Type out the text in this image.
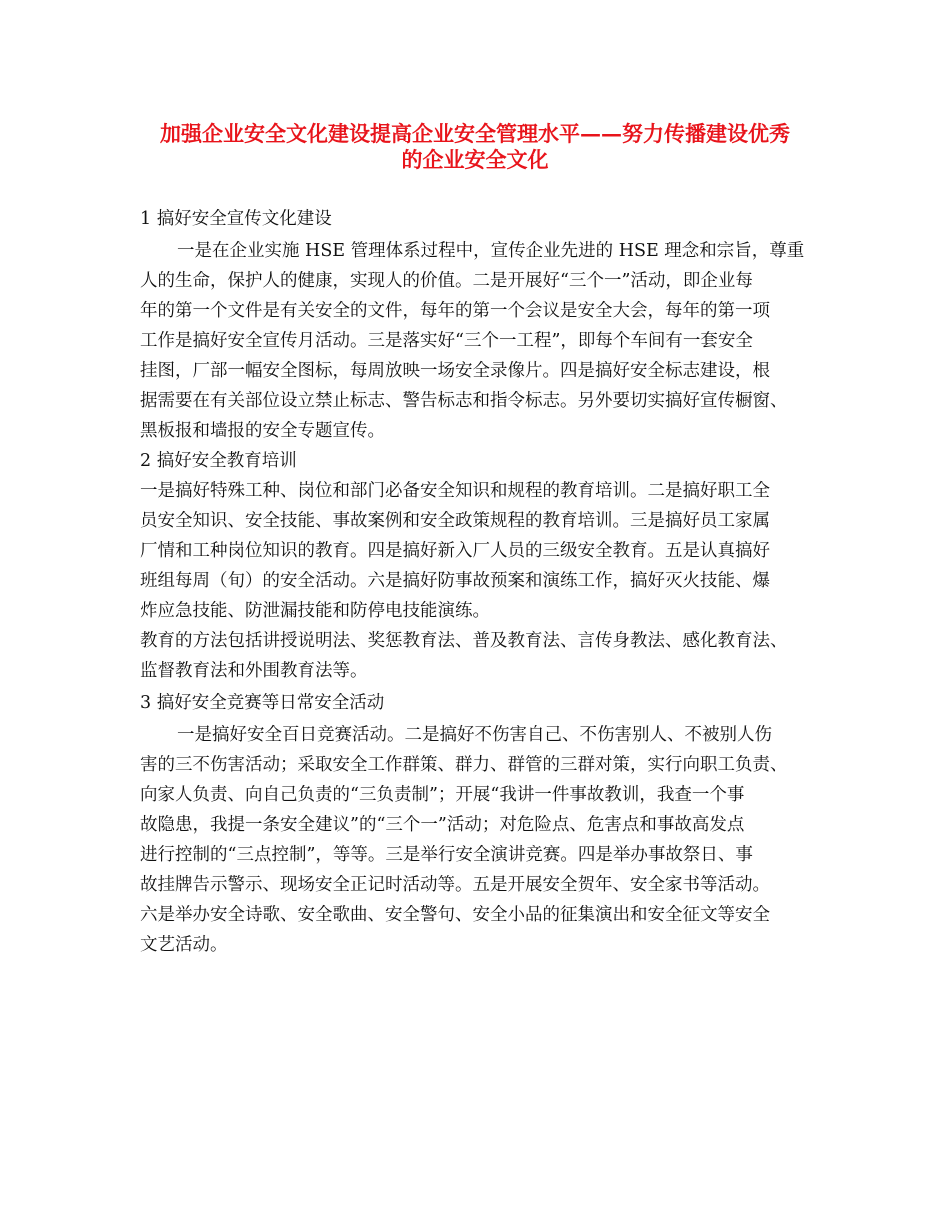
加强企业安全文化建设提高企业安全管理水平——努力传播建设优秀
的企业安全文化

1 搞好安全宣传文化建设

一是在企业实施 HSE 管理体系过程中，宣传企业先进的 HSE 理念和宗旨，尊重

人的生命，保护人的健康，实现人的价值。二是开展好“三个一”活动，即企业每

年的第一个文件是有关安全的文件，每年的第一个会议是安全大会，每年的第一项

工作是搞好安全宣传月活动。三是落实好“三个一工程”，即每个车间有一套安全

挂图，厂部一幅安全图标，每周放映一场安全录像片。四是搞好安全标志建设，根

据需要在有关部位设立禁止标志、警告标志和指令标志。另外要切实搞好宣传橱窗、

黑板报和墙报的安全专题宣传。

2 搞好安全教育培训

一是搞好特殊工种、岗位和部门必备安全知识和规程的教育培训。二是搞好职工全

员安全知识、安全技能、事故案例和安全政策规程的教育培训。三是搞好员工家属

厂情和工种岗位知识的教育。四是搞好新入厂人员的三级安全教育。五是认真搞好

班组每周（旬）的安全活动。六是搞好防事故预案和演练工作，搞好灭火技能、爆

炸应急技能、防泄漏技能和防停电技能演练。

教育的方法包括讲授说明法、奖惩教育法、普及教育法、言传身教法、感化教育法、

监督教育法和外围教育法等。

3 搞好安全竞赛等日常安全活动

一是搞好安全百日竞赛活动。二是搞好不伤害自己、不伤害别人、不被别人伤

害的三不伤害活动；采取安全工作群策、群力、群管的三群对策，实行向职工负责、

向家人负责、向自己负责的“三负责制”；开展“我讲一件事故教训，我查一个事

故隐患，我提一条安全建议”的“三个一”活动；对危险点、危害点和事故高发点

进行控制的“三点控制”，等等。三是举行安全演讲竞赛。四是举办事故祭日、事

故挂牌告示警示、现场安全正记时活动等。五是开展安全贺年、安全家书等活动。

六是举办安全诗歌、安全歌曲、安全警句、安全小品的征集演出和安全征文等安全

文艺活动。
